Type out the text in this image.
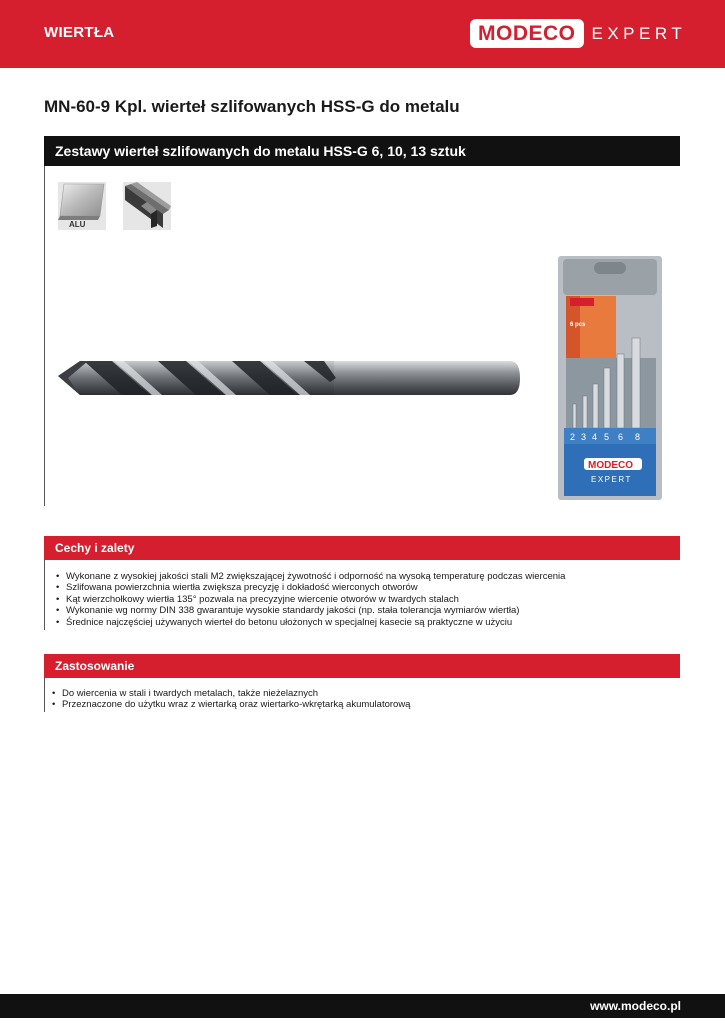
WIERTŁA	MODECO EXPERT
MN-60-9 Kpl. wierteł szlifowanych HSS-G do metalu
Zestawy wierteł szlifowanych do metalu HSS-G 6, 10, 13 sztuk
ALU
6 pcs
2 3 4 5 6 8
MODECO
EXPERT
Cechy i zalety
• Wykonane z wysokiej jakości stali M2 zwiększającej żywotność i odporność na wysoką temperaturę podczas wiercenia
• Szlifowana powierzchnia wiertła zwiększa precyzję i dokładość wierconych otworów
• Kąt wierzchołkowy wiertła 135° pozwala na precyzyjne wiercenie otworów w twardych stalach
• Wykonanie wg normy DIN 338 gwarantuje wysokie standardy jakości (np. stała tolerancja wymiarów wiertła)
• Średnice najczęściej używanych wierteł do betonu ułożonych w specjalnej kasecie są praktyczne w użyciu
Zastosowanie
• Do wiercenia w stali i twardych metalach, także nieżelaznych
• Przeznaczone do użytku wraz z wiertarką oraz wiertarko-wkrętarką akumulatorową
www.modeco.pl
